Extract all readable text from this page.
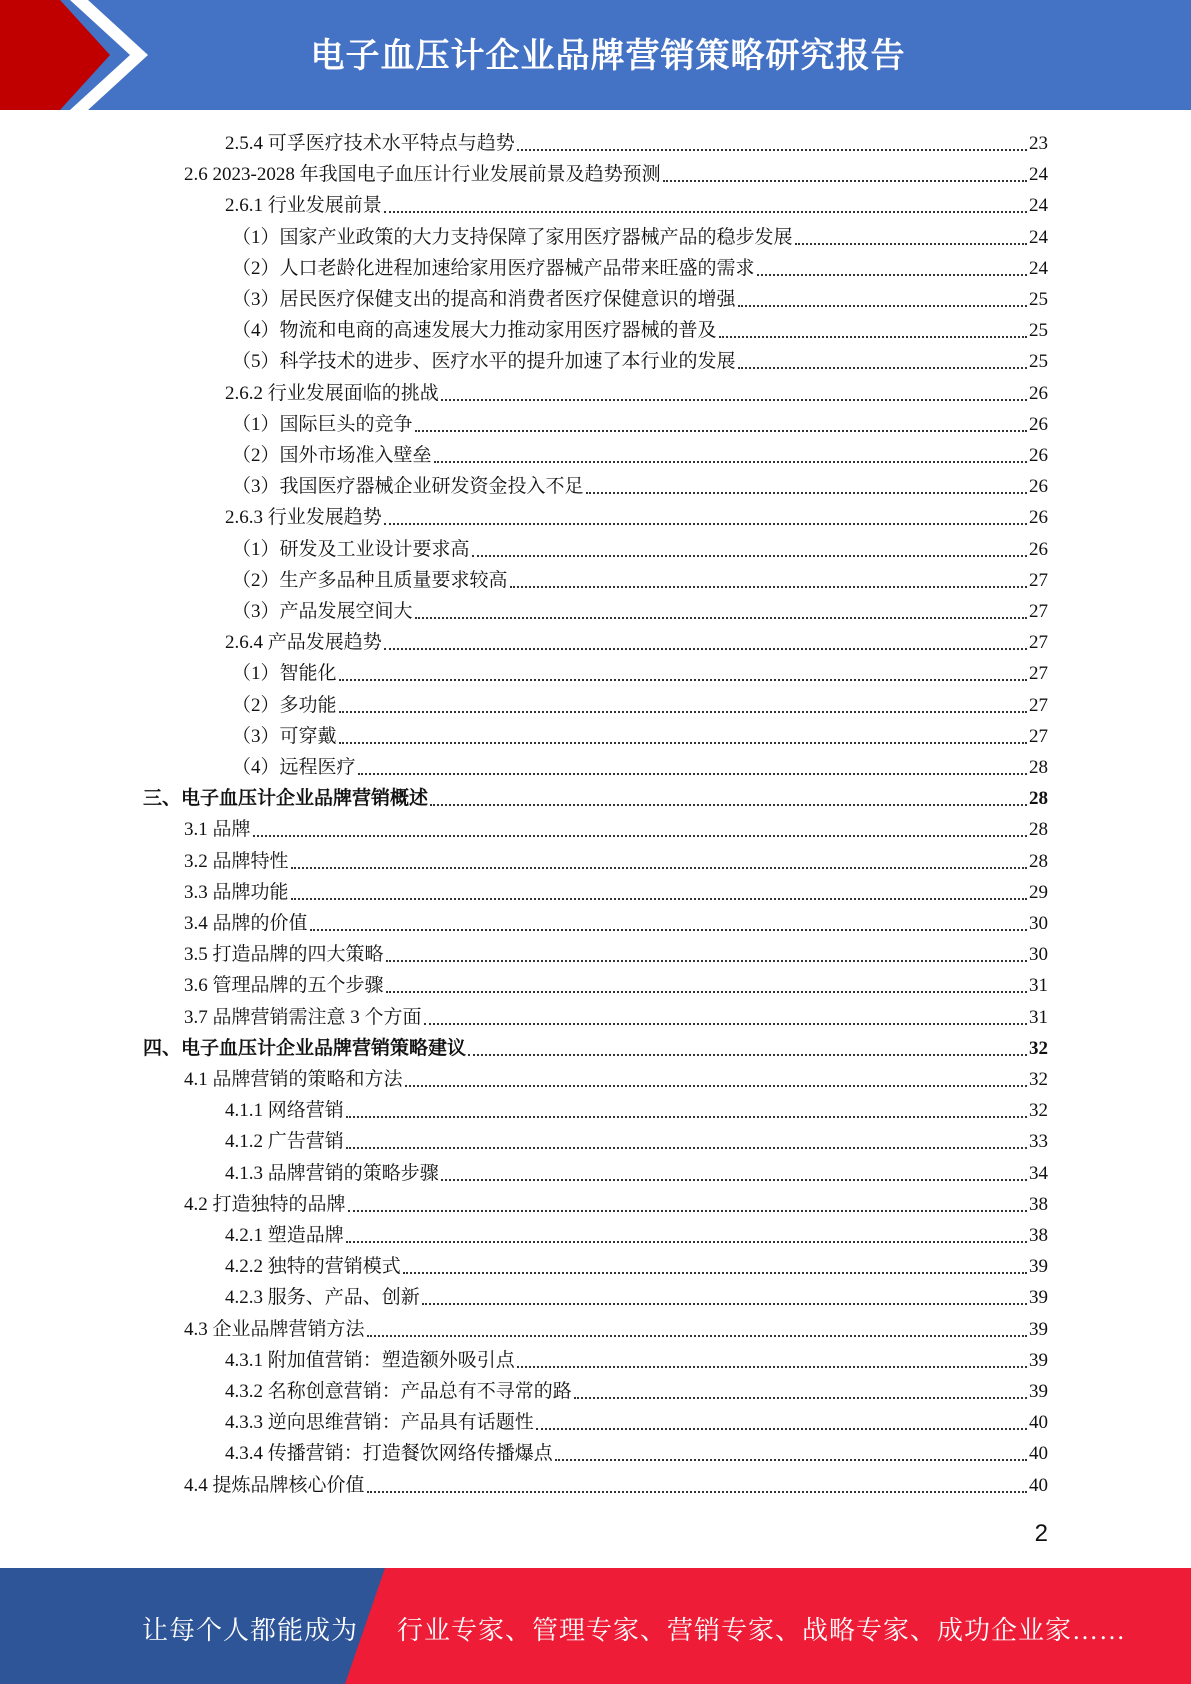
电子血压计企业品牌营销策略研究报告
2.5.4 可孚医疗技术水平特点与趋势	23
2.6 2023-2028 年我国电子血压计行业发展前景及趋势预测	24
2.6.1 行业发展前景	24
（1）国家产业政策的大力支持保障了家用医疗器械产品的稳步发展	24
（2）人口老龄化进程加速给家用医疗器械产品带来旺盛的需求	24
（3）居民医疗保健支出的提高和消费者医疗保健意识的增强	25
（4）物流和电商的高速发展大力推动家用医疗器械的普及	25
（5）科学技术的进步、医疗水平的提升加速了本行业的发展	25
2.6.2 行业发展面临的挑战	26
（1）国际巨头的竞争	26
（2）国外市场准入壁垒	26
（3）我国医疗器械企业研发资金投入不足	26
2.6.3 行业发展趋势	26
（1）研发及工业设计要求高	26
（2）生产多品种且质量要求较高	27
（3）产品发展空间大	27
2.6.4 产品发展趋势	27
（1）智能化	27
（2）多功能	27
（3）可穿戴	27
（4）远程医疗	28
三、电子血压计企业品牌营销概述	28
3.1 品牌	28
3.2 品牌特性	28
3.3 品牌功能	29
3.4 品牌的价值	30
3.5 打造品牌的四大策略	30
3.6 管理品牌的五个步骤	31
3.7 品牌营销需注意 3 个方面	31
四、电子血压计企业品牌营销策略建议	32
4.1 品牌营销的策略和方法	32
4.1.1 网络营销	32
4.1.2 广告营销	33
4.1.3 品牌营销的策略步骤	34
4.2 打造独特的品牌	38
4.2.1 塑造品牌	38
4.2.2 独特的营销模式	39
4.2.3 服务、产品、创新	39
4.3 企业品牌营销方法	39
4.3.1 附加值营销：塑造额外吸引点	39
4.3.2 名称创意营销：产品总有不寻常的路	39
4.3.3 逆向思维营销：产品具有话题性	40
4.3.4 传播营销：打造餐饮网络传播爆点	40
4.4 提炼品牌核心价值	40
2
让每个人都能成为 行业专家、管理专家、营销专家、战略专家、成功企业家……
